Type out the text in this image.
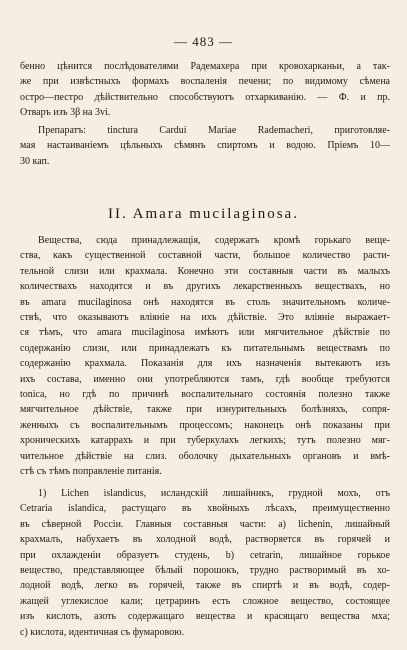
— 483 —
бенно цѣнится послѣдователями Радемахера при кровохарканьи, а так-
же при извѣстныхъ формахъ воспаленія печени; по видимому сѣмена
остро—пестро дѣйствительно способствуютъ отхаркиванію. — Ф. и пр.
Отваръ изъ 3β на 3vi.
Препаратъ: tinctura Cardui Mariae Rademacheri, приготовляе-
мая настаиваніемъ цѣльныхъ сѣмянъ спиртомъ и водою. Пріемъ 10—
30 кап.
II. Amara mucilaginosa.
Вещества, сюда принадлежащія, содержатъ кромѣ горькаго веще-
ства, какъ существенной составной части, большое количество расти-
тельной слизи или крахмала. Конечно эти составныя части въ малыхъ
количествахъ находятся и въ другихъ лекарственныхъ веществахъ, но
въ amara mucilaginosa онѣ находятся въ столь значительномъ количе-
ствѣ, что оказываютъ вліяніе на ихъ дѣйствіе. Это вліяніе выражает-
ся тѣмъ, что amara mucilaginosa имѣютъ или мягчительное дѣйствіе по
содержанію слизи, или принадлежатъ къ питательнымъ веществамъ по
содержанію крахмала. Показанія для ихъ назначенія вытекаютъ изъ
ихъ состава, именно они употребляются тамъ, гдѣ вообще требуются
tonica, но гдѣ по причинѣ воспалительнаго состоянія полезно также
мягчительное дѣйствіе, также при изнурительныхъ болѣзняхъ, сопря-
женныхъ съ воспалительнымъ процессомъ; наконецъ онѣ показаны при
хроническихъ катаррахъ и при туберкулахъ легкихъ; тутъ полезно мяг-
чительное дѣйствіе на слиз. оболочку дыхательныхъ органовъ и вмѣ-
стѣ съ тѣмъ поправленіе питанія.
1) Lichen islandicus, исландскій лишайникъ, грудной мохъ, отъ
Cetraria islandica, растущаго въ хвойныхъ лѣсахъ, преимущественно
въ сѣверной Россіи. Главныя составныя части: а) lichenin, лишайный
крахмалъ, набухаетъ въ холодной водѣ, растворяется въ горячей и
при охлажденіи образуетъ студень, b) cetrarin, лишайное горькое
вещество, представляющее бѣлый порошокъ, трудно растворимый въ хо-
лодной водѣ, легко въ горячей, также въ спиртѣ и въ водѣ, содер-
жащей углекислое кали; цетраринъ есть сложное вещество, состоящее
изъ кислоть, азоть содержащаго вещества и красящаго вещества мха;
с) кислота, идентичная съ фумаровою.
